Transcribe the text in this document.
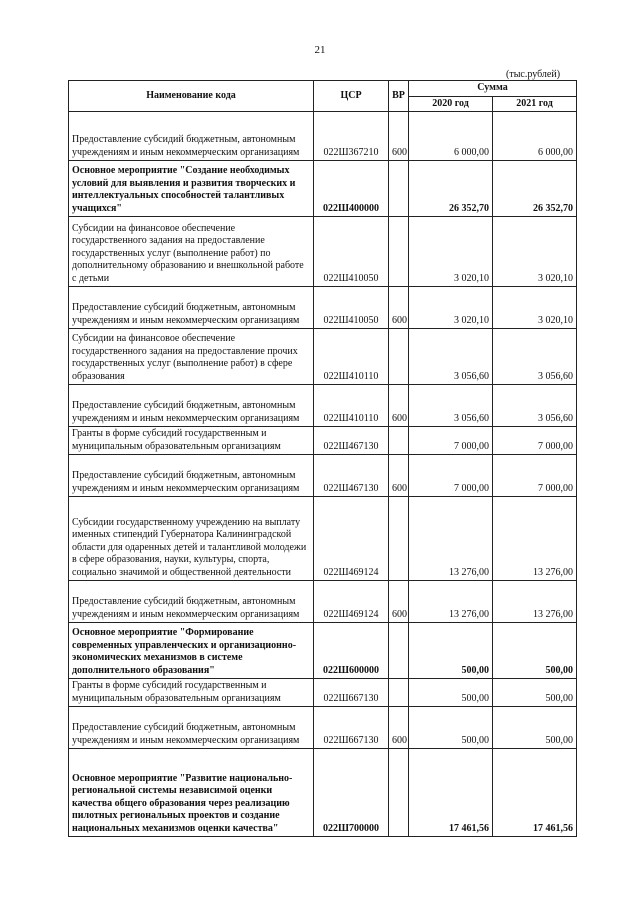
21
(тыс.рублей)
Наименование кода	ЦСР	ВР	Сумма	
			2020 год	2021 год
Предоставление субсидий бюджетным, автономным учреждениям и иным некоммерческим организациям	022Ш367210	600	6 000,00	6 000,00
Основное мероприятие "Создание необходимых условий для выявления и развития творческих и интеллектуальных способностей талантливых учащихся"	022Ш400000		26 352,70	26 352,70
Субсидии на финансовое обеспечение государственного задания на предоставление государственных услуг (выполнение работ) по дополнительному образованию и внешкольной работе с детьми	022Ш410050		3 020,10	3 020,10
Предоставление субсидий бюджетным, автономным учреждениям и иным некоммерческим организациям	022Ш410050	600	3 020,10	3 020,10
Субсидии на финансовое обеспечение государственного задания на предоставление прочих государственных услуг (выполнение работ) в сфере образования	022Ш410110		3 056,60	3 056,60
Предоставление субсидий бюджетным, автономным учреждениям и иным некоммерческим организациям	022Ш410110	600	3 056,60	3 056,60
Гранты в форме субсидий государственным и муниципальным образовательным организациям	022Ш467130		7 000,00	7 000,00
Предоставление субсидий бюджетным, автономным учреждениям и иным некоммерческим организациям	022Ш467130	600	7 000,00	7 000,00
Субсидии государственному учреждению на выплату именных стипендий Губернатора Калининградской области для одаренных детей и талантливой молодежи в сфере образования, науки, культуры, спорта, социально значимой и общественной деятельности	022Ш469124		13 276,00	13 276,00
Предоставление субсидий бюджетным, автономным учреждениям и иным некоммерческим организациям	022Ш469124	600	13 276,00	13 276,00
Основное мероприятие "Формирование современных управленческих и организационно-экономических механизмов в системе дополнительного образования"	022Ш600000		500,00	500,00
Гранты в форме субсидий государственным и муниципальным образовательным организациям	022Ш667130		500,00	500,00
Предоставление субсидий бюджетным, автономным учреждениям и иным некоммерческим организациям	022Ш667130	600	500,00	500,00
Основное мероприятие "Развитие национально-региональной системы независимой оценки качества общего образования через реализацию пилотных региональных проектов и создание национальных механизмов оценки качества"	022Ш700000		17 461,56	17 461,56
